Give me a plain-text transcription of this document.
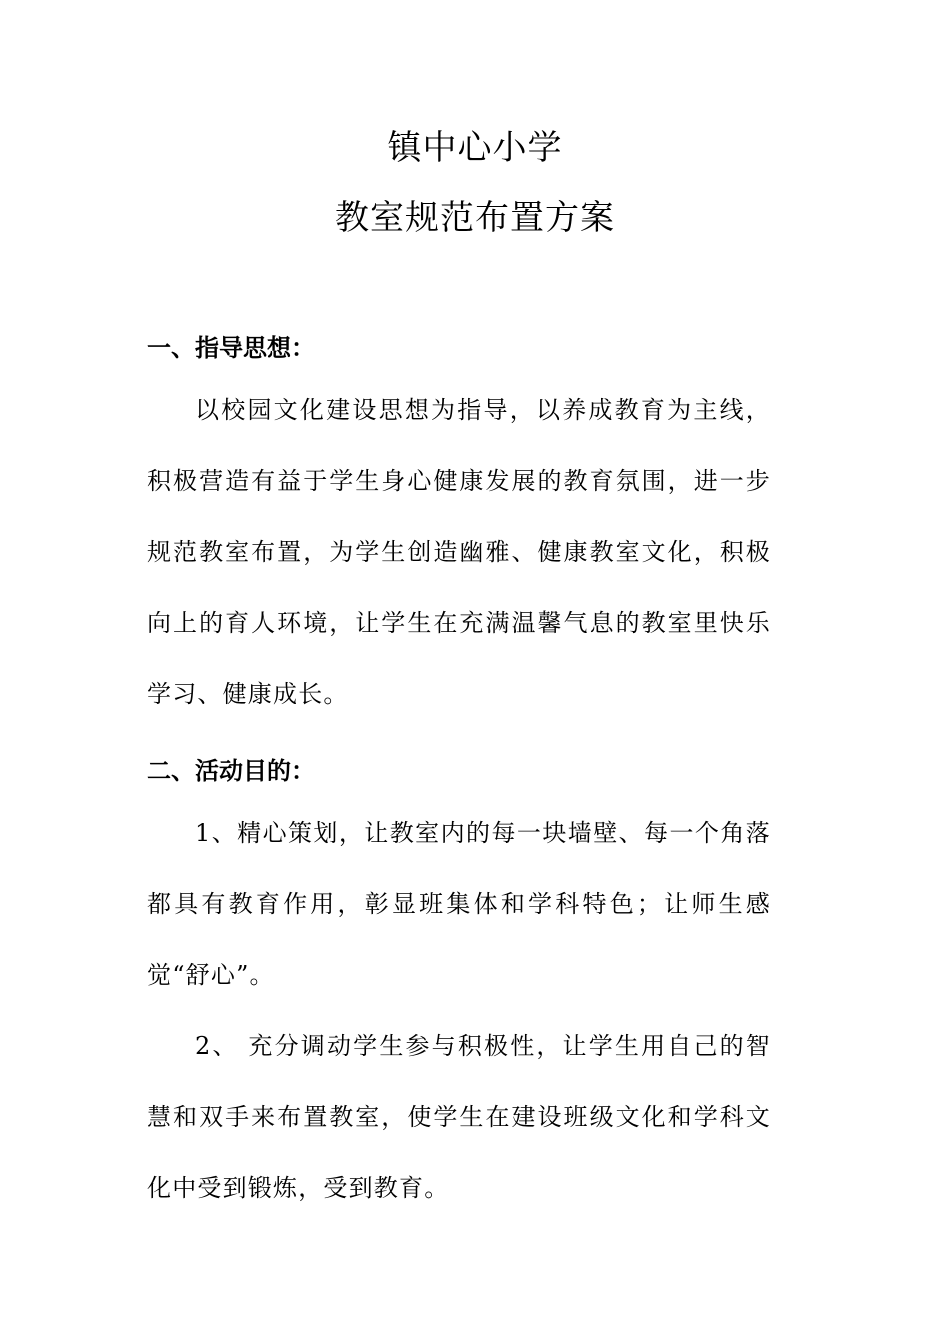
镇中心小学
教室规范布置方案
一、指导思想：

以校园文化建设思想为指导，以养成教育为主线，积极营造有益于学生身心健康发展的教育氛围，进一步规范教室布置，为学生创造幽雅、健康教室文化，积极向上的育人环境，让学生在充满温馨气息的教室里快乐学习、健康成长。

二、活动目的：

1、精心策划，让教室内的每一块墙壁、每一个角落都具有教育作用，彰显班集体和学科特色；让师生感觉“舒心”。

2、 充分调动学生参与积极性，让学生用自己的智慧和双手来布置教室，使学生在建设班级文化和学科文化中受到锻炼，受到教育。
